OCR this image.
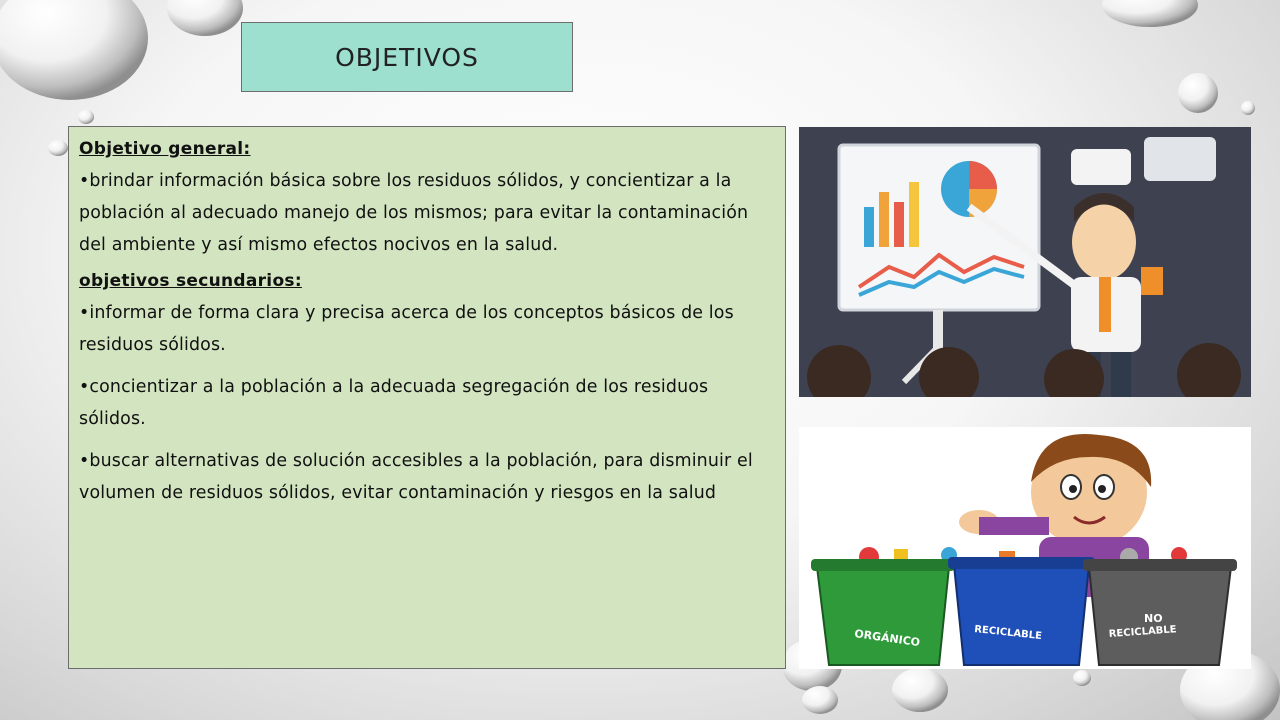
OBJETIVOS

Objetivo general:

•brindar información básica sobre los residuos sólidos, y concientizar a la población al adecuado manejo de los mismos; para evitar la contaminación del ambiente y así mismo efectos nocivos en la salud.

objetivos secundarios:

•informar de forma clara y precisa acerca de los conceptos básicos de los residuos sólidos.

•concientizar a la población a la adecuada segregación de los residuos sólidos.

•buscar alternativas de solución accesibles a la población, para disminuir el volumen de residuos sólidos, evitar contaminación y riesgos en la salud

ORGÁNICO	RECICLABLE
NO
RECICLABLE
